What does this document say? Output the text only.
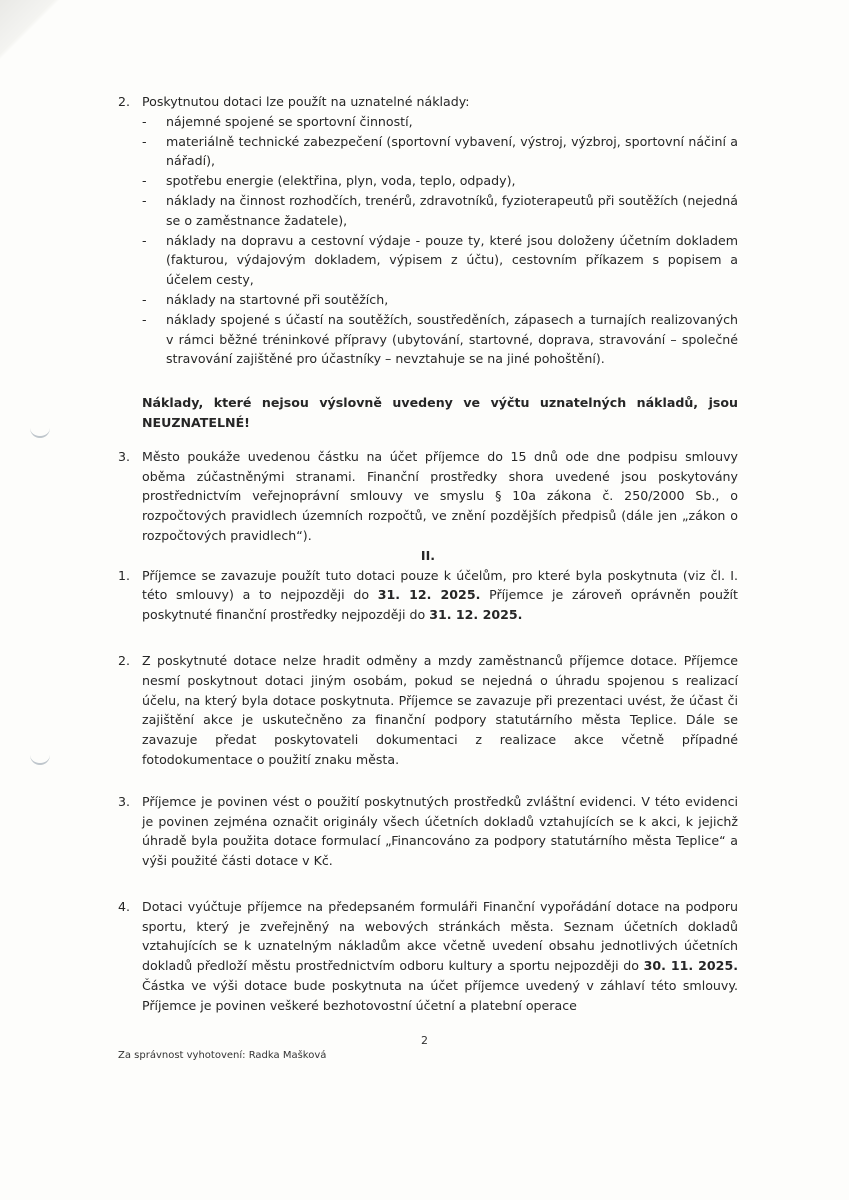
2. Poskytnutou dotaci lze použít na uznatelné náklady:
-	nájemné spojené se sportovní činností,
-	materiálně technické zabezpečení (sportovní vybavení, výstroj, výzbroj, sportovní náčiní a nářadí),
-	spotřebu energie (elektřina, plyn, voda, teplo, odpady),
-	náklady na činnost rozhodčích, trenérů, zdravotníků, fyzioterapeutů při soutěžích (nejedná se o zaměstnance žadatele),
-	náklady na dopravu a cestovní výdaje - pouze ty, které jsou doloženy účetním dokladem (fakturou, výdajovým dokladem, výpisem z účtu), cestovním příkazem s popisem a účelem cesty,
-	náklady na startovné při soutěžích,
-	náklady spojené s účastí na soutěžích, soustředěních, zápasech a turnajích realizovaných v rámci běžné tréninkové přípravy (ubytování, startovné, doprava, stravování – společné stravování zajištěné pro účastníky – nevztahuje se na jiné pohoštění).
Náklady, které nejsou výslovně uvedeny ve výčtu uznatelných nákladů, jsou NEUZNATELNÉ!
3. Město poukáže uvedenou částku na účet příjemce do 15 dnů ode dne podpisu smlouvy oběma zúčastněnými stranami. Finanční prostředky shora uvedené jsou poskytovány prostřednictvím veřejnoprávní smlouvy ve smyslu § 10a zákona č. 250/2000 Sb., o rozpočtových pravidlech územních rozpočtů, ve znění pozdějších předpisů (dále jen „zákon o rozpočtových pravidlech“).
II.
1. Příjemce se zavazuje použít tuto dotaci pouze k účelům, pro které byla poskytnuta (viz čl. I. této smlouvy) a to nejpozději do 31. 12. 2025. Příjemce je zároveň oprávněn použít poskytnuté finanční prostředky nejpozději do 31. 12. 2025.
2. Z poskytnuté dotace nelze hradit odměny a mzdy zaměstnanců příjemce dotace. Příjemce nesmí poskytnout dotaci jiným osobám, pokud se nejedná o úhradu spojenou s realizací účelu, na který byla dotace poskytnuta. Příjemce se zavazuje při prezentaci uvést, že účast či zajištění akce je uskutečněno za finanční podpory statutárního města Teplice. Dále se zavazuje předat poskytovateli dokumentaci z realizace akce včetně případné fotodokumentace o použití znaku města.
3. Příjemce je povinen vést o použití poskytnutých prostředků zvláštní evidenci. V této evidenci je povinen zejména označit originály všech účetních dokladů vztahujících se k akci, k jejichž úhradě byla použita dotace formulací „Financováno za podpory statutárního města Teplice“ a výši použité části dotace v Kč.
4. Dotaci vyúčtuje příjemce na předepsaném formuláři Finanční vypořádání dotace na podporu sportu, který je zveřejněný na webových stránkách města. Seznam účetních dokladů vztahujících se k uznatelným nákladům akce včetně uvedení obsahu jednotlivých účetních dokladů předloží městu prostřednictvím odboru kultury a sportu nejpozději do 30. 11. 2025. Částka ve výši dotace bude poskytnuta na účet příjemce uvedený v záhlaví této smlouvy. Příjemce je povinen veškeré bezhotovostní účetní a platební operace
2
Za správnost vyhotovení: Radka Mašková
